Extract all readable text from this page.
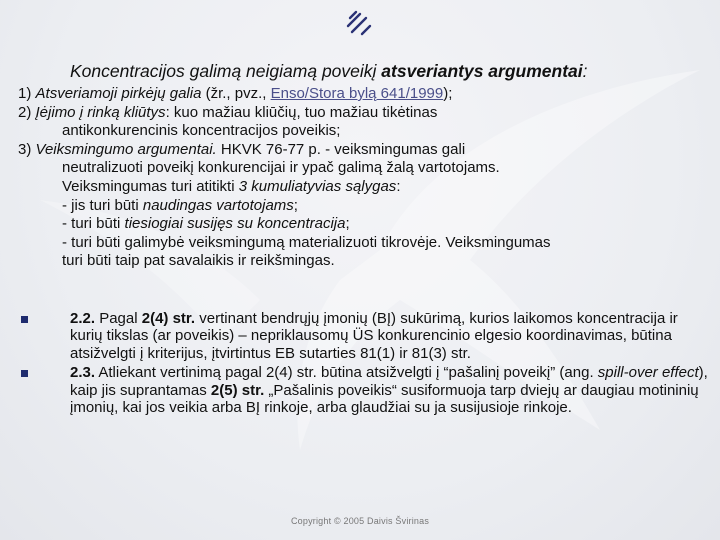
Koncentracijos galimą neigiamą poveikį atsveriantys argumentai:

1) Atsveriamoji pirkėjų galia (žr., pvz., Enso/Stora bylą 641/1999);

2) Įėjimo į rinką kliūtys: kuo mažiau kliūčių, tuo mažiau tikėtinas
antikonkurencinis koncentracijos poveikis;

3) Veiksmingumo argumentai. HKVK 76-77 p. - veiksmingumas gali
neutralizuoti poveikį konkurencijai ir ypač galimą žalą vartotojams.
Veiksmingumas turi atitikti 3 kumuliatyvias sąlygas:
- jis turi būti naudingas vartotojams;
- turi būti tiesiogiai susijęs su koncentracija;
- turi būti galimybė veiksmingumą materializuoti tikrovėje. Veiksmingumas
turi būti taip pat savalaikis ir reikšmingas.

2.2. Pagal 2(4) str. vertinant bendrųjų įmonių (BĮ) sukūrimą, kurios laikomos koncentracija ir kurių tikslas (ar poveikis) – nepriklausomų ÜS konkurencinio elgesio koordinavimas, būtina atsižvelgti į kriterijus, įtvirtintus EB sutarties 81(1) ir 81(3) str.
2.3. Atliekant vertinimą pagal 2(4) str. būtina atsižvelgti į “pašalinį poveikį” (ang. spill-over effect), kaip jis suprantamas 2(5) str. „Pašalinis poveikis“ susiformuoja tarp dviejų ar daugiau motininių įmonių, kai jos veikia arba BĮ rinkoje, arba glaudžiai su ja susijusioje rinkoje.
Copyright © 2005 Daivis Švirinas
